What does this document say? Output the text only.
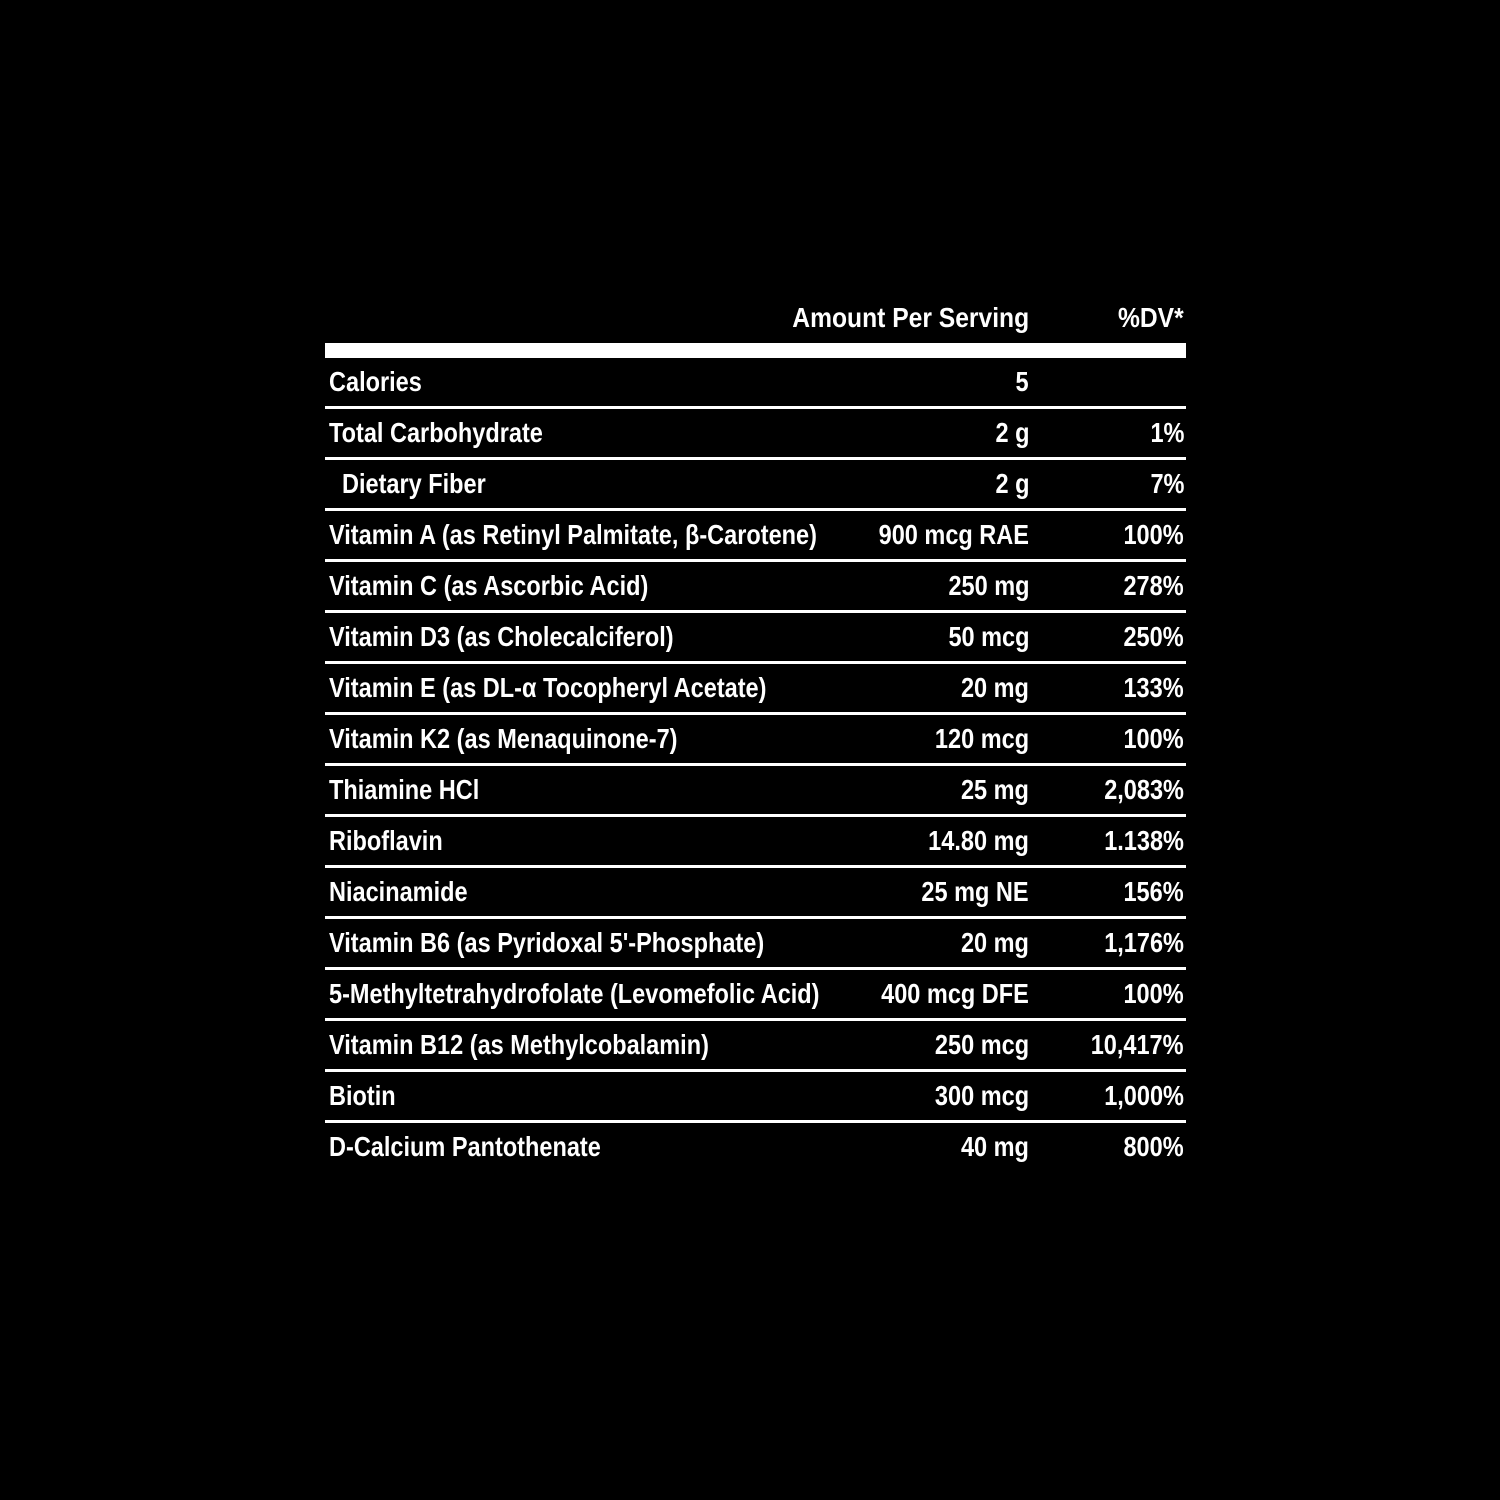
Amount Per Serving	%DV*
Calories	5
Total Carbohydrate	2 g	1%
Dietary Fiber	2 g	7%
Vitamin A (as Retinyl Palmitate, β-Carotene) 900 mcg RAE	100%
Vitamin C (as Ascorbic Acid)	250 mg	278%
Vitamin D3 (as Cholecalciferol)	50 mcg	250%
Vitamin E (as DL-α Tocopheryl Acetate)	20 mg	133%
Vitamin K2 (as Menaquinone-7)	120 mcg	100%
Thiamine HCl	25 mg	2,083%
Riboflavin	14.80 mg	1.138%
Niacinamide	25 mg NE	156%
Vitamin B6 (as Pyridoxal 5'-Phosphate)	20 mg	1,176%
5-Methyltetrahydrofolate (Levomefolic Acid) 400 mcg DFE	100%
Vitamin B12 (as Methylcobalamin)	250 mcg 10,417%
Biotin	300 mcg	1,000%
D-Calcium Pantothenate	40 mg	800%
